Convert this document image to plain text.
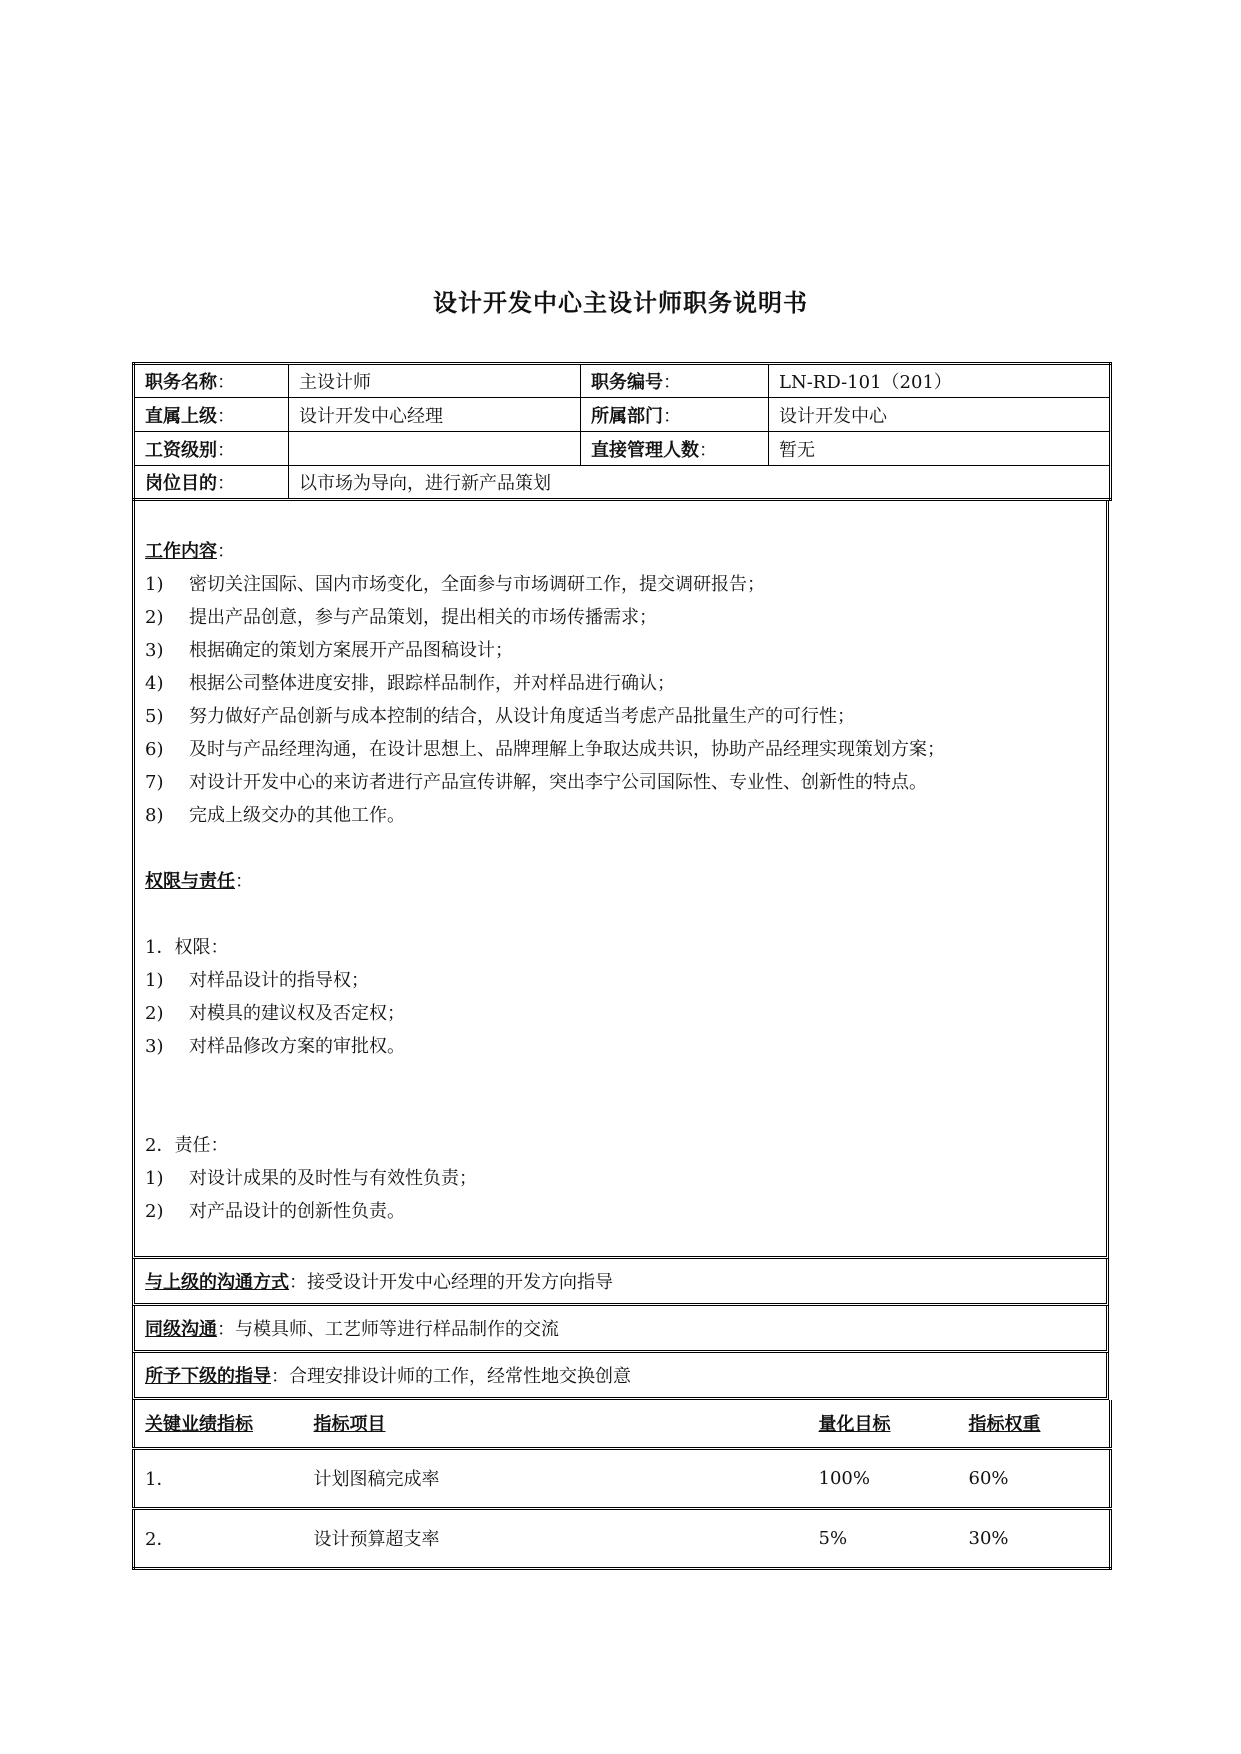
设计开发中心主设计师职务说明书
职务名称：	主设计师	职务编号：	LN-RD-101（201）
直属上级：	设计开发中心经理	所属部门：	设计开发中心
工资级别：		直接管理人数：	暂无
岗位目的：	以市场为导向，进行新产品策划		
工作内容：
1)	密切关注国际、国内市场变化，全面参与市场调研工作，提交调研报告；
2)	提出产品创意，参与产品策划，提出相关的市场传播需求；
3)	根据确定的策划方案展开产品图稿设计；
4)	根据公司整体进度安排，跟踪样品制作，并对样品进行确认；
5)	努力做好产品创新与成本控制的结合，从设计角度适当考虑产品批量生产的可行性；
6)	及时与产品经理沟通，在设计思想上、品牌理解上争取达成共识，协助产品经理实现策划方案；
7)	对设计开发中心的来访者进行产品宣传讲解，突出李宁公司国际性、专业性、创新性的特点。
8)	完成上级交办的其他工作。
权限与责任：
1．权限：
1)	对样品设计的指导权；
2)	对模具的建议权及否定权；
3)	对样品修改方案的审批权。
2．责任：
1)	对设计成果的及时性与有效性负责；
2)	对产品设计的创新性负责。
与上级的沟通方式 ： 接受设计开发中心经理的开发方向指导
同级沟通 ： 与模具师、工艺师等进行样品制作的交流
所予下级的指导 ： 合理安排设计师的工作，经常性地交换创意
关键业绩指标	指标项目	量化目标	指标权重
1．	计划图稿完成率	100%	60%
2．	设计预算超支率	5%	30%
